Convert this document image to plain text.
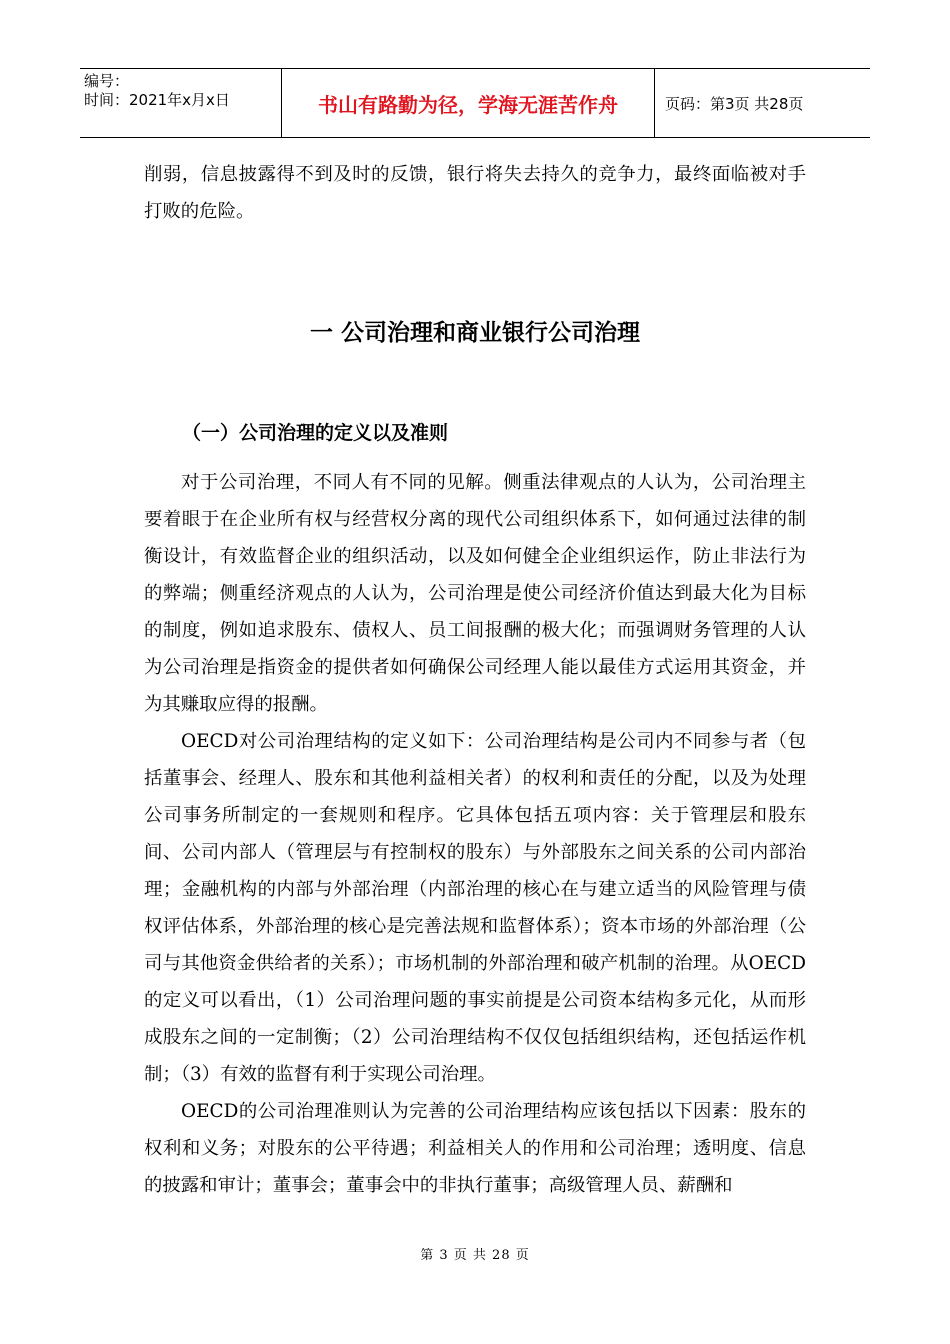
编号：
时间：2021年x月x日	书山有路勤为径，学海无涯苦作舟	页码：第3页 共28页

削弱，信息披露得不到及时的反馈，银行将失去持久的竞争力，最终面临被对手打败的危险。

一 公司治理和商业银行公司治理
（一）公司治理的定义以及准则

对于公司治理，不同人有不同的见解。侧重法律观点的人认为，公司治理主要着眼于在企业所有权与经营权分离的现代公司组织体系下，如何通过法律的制衡设计，有效监督企业的组织活动，以及如何健全企业组织运作，防止非法行为的弊端；侧重经济观点的人认为，公司治理是使公司经济价值达到最大化为目标的制度，例如追求股东、债权人、员工间报酬的极大化；而强调财务管理的人认为公司治理是指资金的提供者如何确保公司经理人能以最佳方式运用其资金，并为其赚取应得的报酬。

OECD对公司治理结构的定义如下：公司治理结构是公司内不同参与者（包括董事会、经理人、股东和其他利益相关者）的权利和责任的分配，以及为处理公司事务所制定的一套规则和程序。它具体包括五项内容：关于管理层和股东间、公司内部人（管理层与有控制权的股东）与外部股东之间关系的公司内部治理；金融机构的内部与外部治理（内部治理的核心在与建立适当的风险管理与债权评估体系，外部治理的核心是完善法规和监督体系）；资本市场的外部治理（公司与其他资金供给者的关系）；市场机制的外部治理和破产机制的治理。从OECD的定义可以看出，（1）公司治理问题的事实前提是公司资本结构多元化，从而形成股东之间的一定制衡；（2）公司治理结构不仅仅包括组织结构，还包括运作机制；（3）有效的监督有利于实现公司治理。

OECD的公司治理准则认为完善的公司治理结构应该包括以下因素：股东的权利和义务；对股东的公平待遇；利益相关人的作用和公司治理；透明度、信息的披露和审计；董事会；董事会中的非执行董事；高级管理人员、薪酬和

第 3 页 共 28 页
